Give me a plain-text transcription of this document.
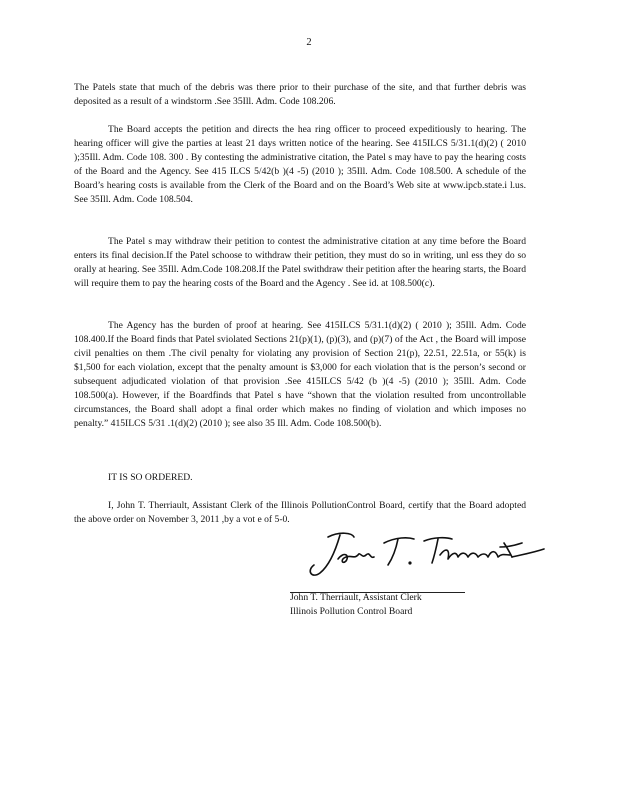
2

The Patels state that much of the debris was there prior to their purchase of the site, and that further debris was deposited as a result of a windstorm .See 35Ill. Adm. Code 108.206.

The Board accepts the petition and directs the hea ring officer to proceed expeditiously to hearing. The hearing officer will give the parties at least 21 days written notice of the hearing. See 415ILCS 5/31.1(d)(2) ( 2010 );35Ill. Adm. Code 108. 300 . By contesting the administrative citation, the Patel s may have to pay the hearing costs of the Board and the Agency. See 415 ILCS 5/42(b )(4 -5) (2010 ); 35Ill. Adm. Code 108.500. A schedule of the Board’s hearing costs is available from the Clerk of the Board and on the Board’s Web site at www.ipcb.state.i l.us. See 35Ill. Adm. Code 108.504.

The Patel s may withdraw their petition to contest the administrative citation at any time before the Board enters its final decision.If the Patel schoose to withdraw their petition, they must do so in writing, unl ess they do so orally at hearing. See 35Ill. Adm.Code 108.208.If the Patel swithdraw their petition after the hearing starts, the Board will require them to pay the hearing costs of the Board and the Agency . See id. at 108.500(c).

The Agency has the burden of proof at hearing. See 415ILCS 5/31.1(d)(2) ( 2010 ); 35Ill. Adm. Code 108.400.If the Board finds that Patel sviolated Sections 21(p)(1), (p)(3), and (p)(7) of the Act , the Board will impose civil penalties on them .The civil penalty for violating any provision of Section 21(p), 22.51, 22.51a, or 55(k) is $1,500 for each violation, except that the penalty amount is $3,000 for each violation that is the person’s second or subsequent adjudicated violation of that provision .See 415ILCS 5/42 (b )(4 -5) (2010 ); 35Ill. Adm. Code 108.500(a). However, if the Boardfinds that Patel s have “shown that the violation resulted from uncontrollable circumstances, the Board shall adopt a final order which makes no finding of violation and which imposes no penalty.” 415ILCS 5/31 .1(d)(2) (2010 ); see also 35 Ill. Adm. Code 108.500(b).

IT IS SO ORDERED.

I, John T. Therriault, Assistant Clerk of the Illinois PollutionControl Board, certify that the Board adopted the above order on November 3, 2011 ,by a vot e of 5-0.

John T. Therriault, Assistant Clerk
Illinois Pollution Control Board
